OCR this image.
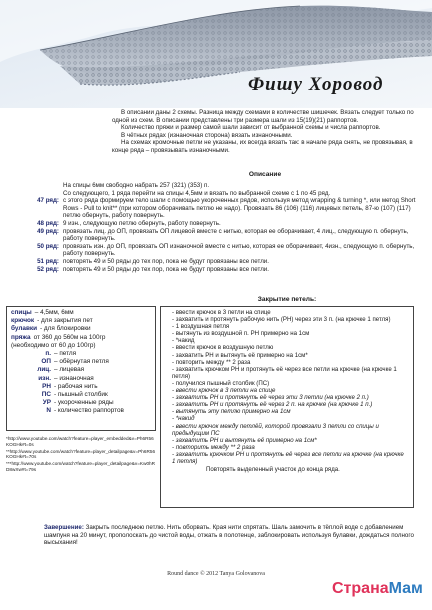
Фишу Хоровод

В описании даны 2 схемы. Разница между схемами в количестве шишечек. Вязать следует только по одной из схем. В описании представлены три размера шали из 15(19)(21) раппортов.

Количество пряжи и размер самой шали зависит от выбранной схемы и числа раппортов.

В чётных рядах (изнаночная сторона) вязать изнаночными.

На схемах кромочные петли не указаны, их всегда вязать так: в начале ряда снять, не провязывая, в конце ряда – провязывать изнаночными.

Описание
На спицы 6мм свободно набрать 257 (321) (353) п.
Со следующего, 1 ряда перейти на спицы 4,5мм и вязать по выбранной схеме с 1 по 45 ряд.
47 ряд: с этого ряда формируем тело шали с помощью укороченных рядов, используя метод wrapping & turning *, или метод Short Rows - Pull to knit** (при котором оборачивать петлю не надо). Провязать 86 (106) (116) лицевых петель, 87-ю (107) (117) петлю обернуть, работу повернуть.
48 ряд: 9 изн., следующую петлю обернуть, работу повернуть.
49 ряд: провязать лиц. до ОП, провязать ОП лицевой вместе с нитью, которая ее оборачивает, 4 лиц., следующую п. обернуть, работу повернуть.
50 ряд: провязать изн. до ОП, провязать ОП изнаночной вместе с нитью, которая ее оборачивает, 4изн., следующую п. обернуть, работу повернуть.
51 ряд: повторять 49 и 50 ряды до тех пор, пока не будут провязаны все петли.
52 ряд: повторять 49 и 50 ряды до тех пор, пока не будут провязаны все петли.
Закрытие петель:
спицы – 4,5мм, 6мм
крючок - для закрытия пет
булавки - для блокировки
пряжа от 360 до 560м на 100гр
(необходимо от 60 до 100гр)
п. – петля
ОП – обёрнутая петля
лиц. – лицевая
изн. – изнаночная
РН - рабочая нить
ПС - пышный столбик
УР - укороченные ряды
N - количество раппортов

*http://www.youtube.com/watch?feature=player_embedded&v=Ph6R56KOGHk#t=0s

**http://www.youtube.com/watch?feature=player_detailpage&v=Ph6R56KOGHk#t=70s

***http://www.youtube.com/watch?feature=player_detailpage&v=Kw0hRD8wXw#t=79s

- ввести крючок в 3 петли на спице
- захватить и протянуть рабочую нить (РН) через эти 3 п. (на крючке 1 петля)
- 1 воздушная петля
- вытянуть из воздушной п. РН примерно на 1см
- *накид
- ввести крючок в воздушную петлю
- захватить РН и вытянуть её примерно на 1см*
- повторить между ** 2 раза
- захватить крючком РН и протянуть её через все петли на крючке (на крючке 1 петля)
- получился пышный столбик (ПС)
- ввести крючок в 3 петли на спице
- захватить РН и протянуть её через эти 3 петли (на крючке 2 п.)
- захватить РН и протянуть её через 2 п. на крючке (на крючке 1 п.)
- вытянуть эту петлю примерно на 1см
- *накид
- ввести крючок между петлёй, которой провязали 3 петли со спицы и предыдущим ПС
- захватить РН и вытянуть её примерно на 1см*
- повторить между ** 2 раза
- захватить крючком РН и протянуть её через все петли на крючке (на крючке 1 петля)
Повторять выделенный участок до конца ряда.
Завершение: Закрыть последнюю петлю. Нить оборвать. Края нити спрятать. Шаль замочить в тёплой воде с добавлением шампуня на 20 минут, прополоскать до чистой воды, отжать в полотенце, заблокировать используя булавки, дождаться полного высыхания!
Round dance © 2012 Tanya Golovanova
СтранаМам
